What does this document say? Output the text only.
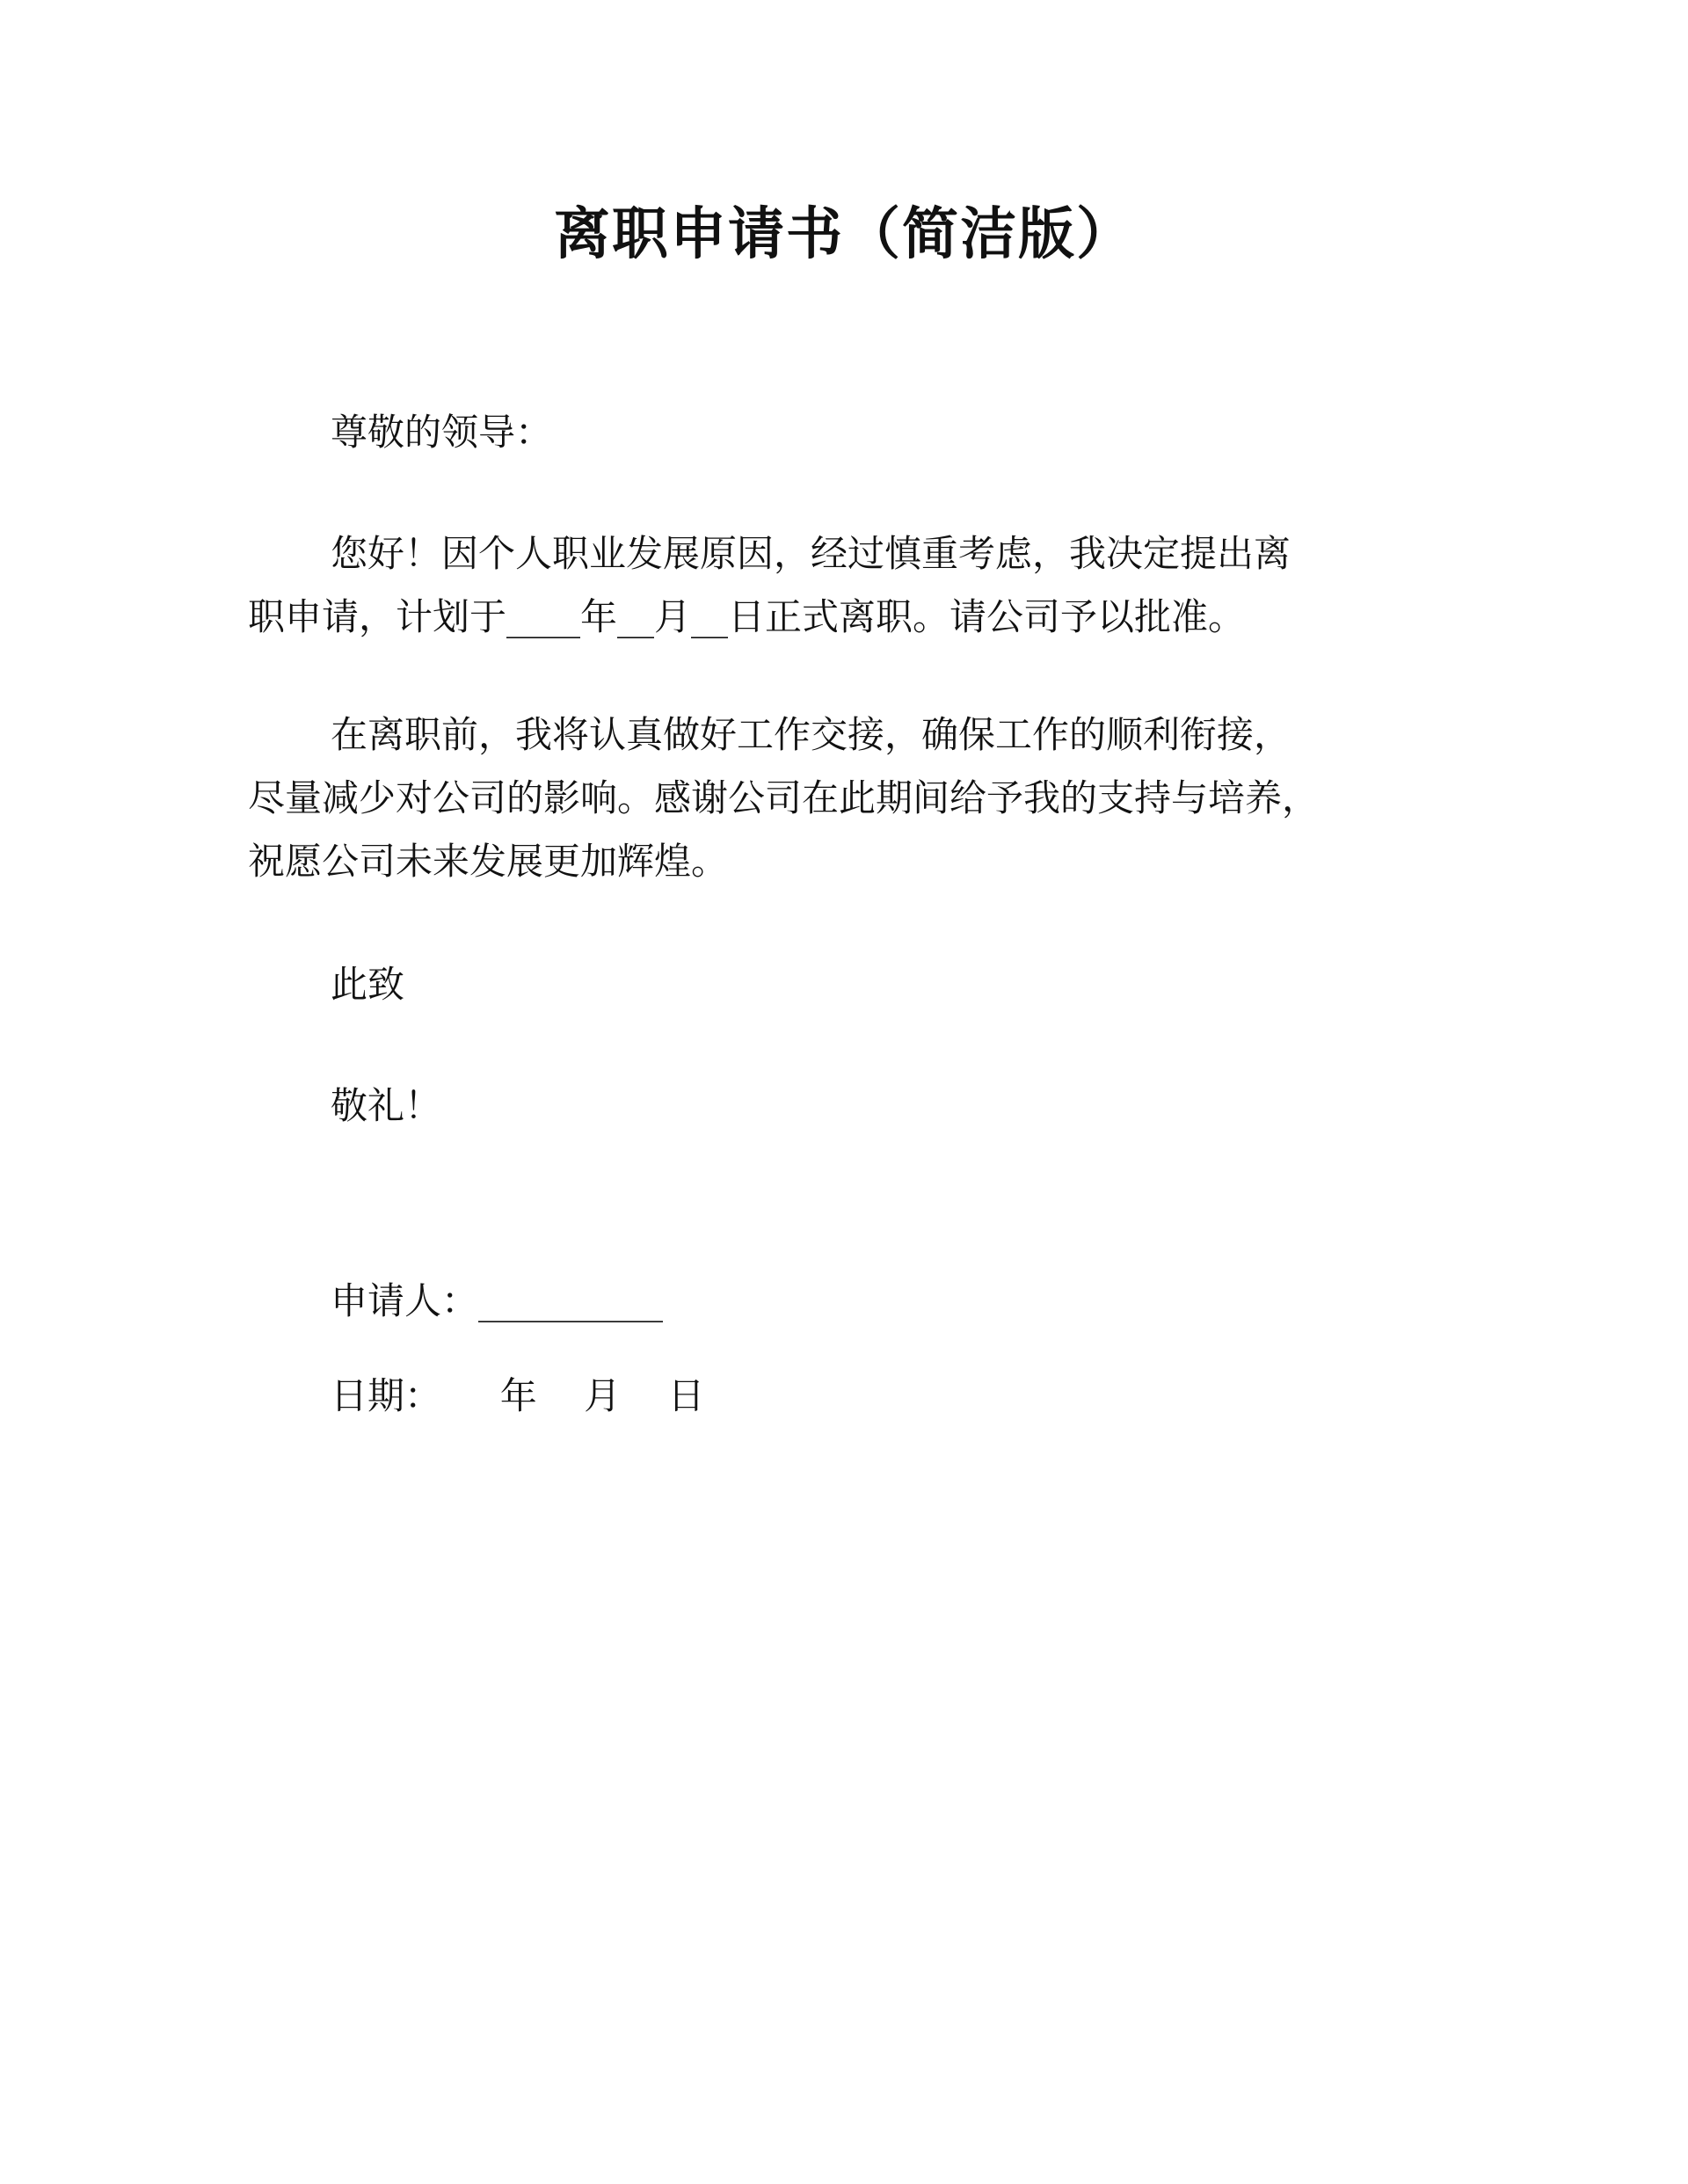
离职申请书（简洁版）
尊敬的领导：
您好！因个人职业发展原因，经过慎重考虑，我决定提出离
职申请，计划于____年__月__日正式离职。请公司予以批准。
在离职前，我将认真做好工作交接，确保工作的顺利衔接，
尽量减少对公司的影响。感谢公司在此期间给予我的支持与培养，
祝愿公司未来发展更加辉煌。
此致
敬礼！
申请人：__________
日期：     年    月    日
